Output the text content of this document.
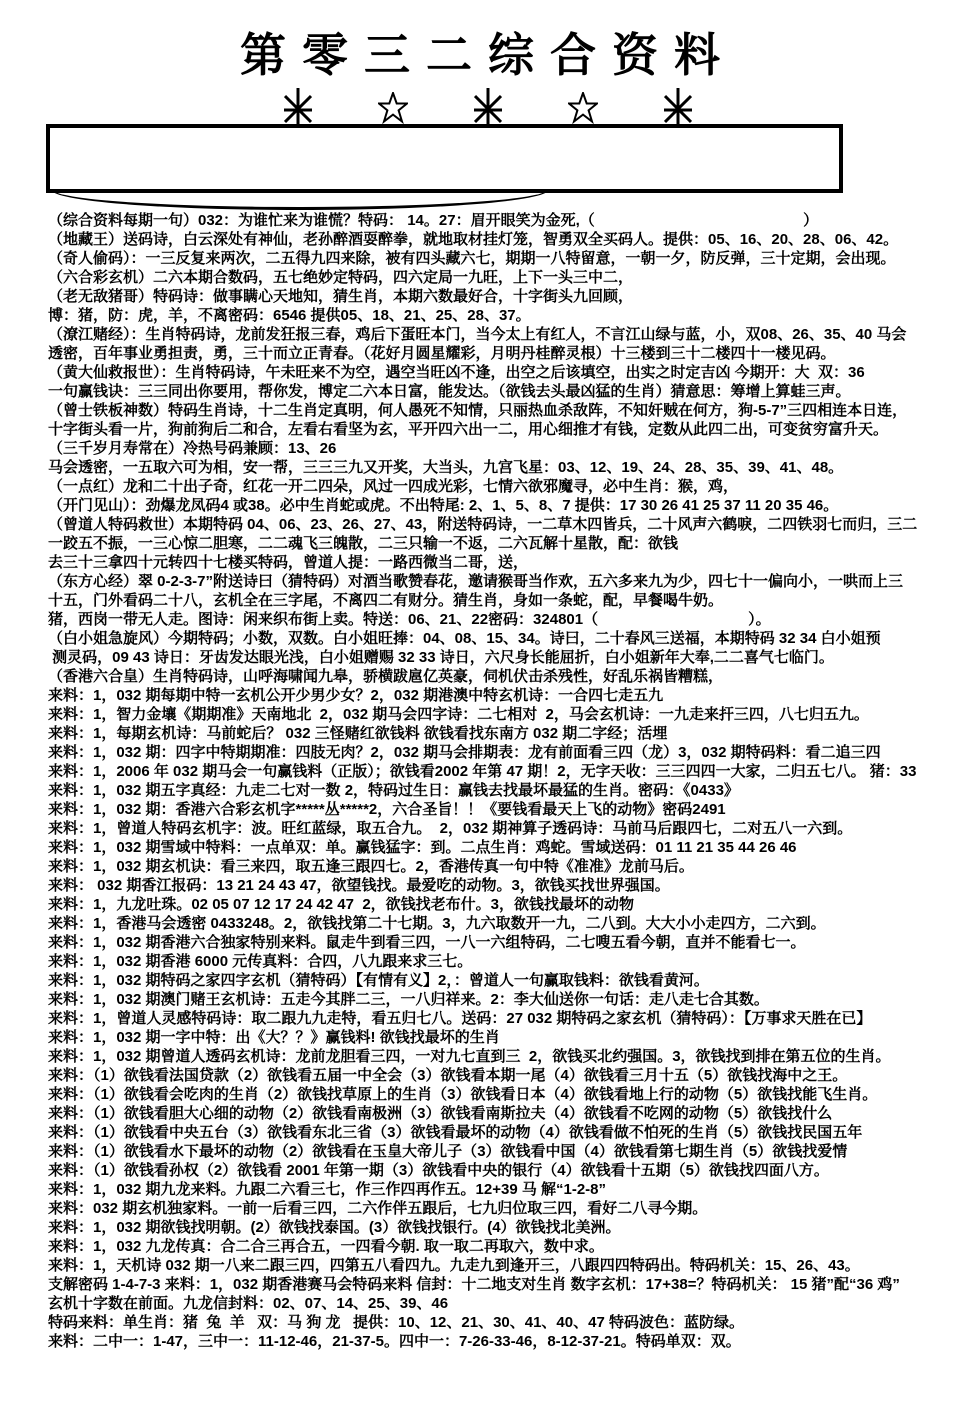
第零三二综合资料
（综合资料每期一句）032：为谁忙来为谁慌？特码： 14。27：眉开眼笑为金死,（                                                  ）
（地藏王）送码诗，白云深处有神仙，老孙醉酒耍醉拳，就地取材挂灯笼，智勇双全买码人。提供：05、16、20、28、06、42。
（奇人偷码）：一三反复来两次，二五得九四来除，被有四头藏六七，期期一八特留意，一朝一夕，防反弹，三十定期，会出现。
（六合彩玄机）二六本期合数码，五七绝妙定特码，四六定局一九旺，上下一头三中二，
（老无敌猪哥）特码诗：做事瞒心天地知，猜生肖，本期六数最好合，十字街头九回顾，
博：猪，防：虎，羊，不离密码：6546 提供05、18、21、25、28、37。
（潦江赌经）：生肖特码诗，龙前发狂报三春，鸡后下蛋旺本门，当今太上有红人，不言江山绿与蓝，小，双08、26、35、40 马会
透密，百年事业勇担责，勇，三十而立正青春。（花好月圆星耀彩，月明丹桂醉灵根）十三楼到三十二楼四十一楼见码。
（黄大仙救报世）：生肖特码诗，午未旺来不为空，遇空当旺凶不逢，出空之后该填空，出实之时定吉凶 今期开：大  双：36
一句赢钱诀：三三同出你要用，帮你发，博定二六本日富，能发达。（欲钱去头最凶猛的生肖）猜意思：筹增上算蛙三声。
（曾士铁板神数）特码生肖诗，十二生肖定真明，何人愚死不知情，只丽热血杀敌阵，不知奸贼在何方，狗-5-7”三四相连本日连，
十字街头看一片，狗前狗后二和合，左看右看坚为玄，平开四六出一二，用心细推才有钱，定数从此四二出，可变贫穷富升天。
（三千岁月寿常在）冷热号码兼顾：13、26
马会透密，一五取六可为相，安一帮，三三三九又开奖，大当头，九宫飞星：03、12、19、24、28、35、39、41、48。
（一点红）龙和二十出子奇，红花一开二四朵，风过一四成光彩，七情六欲邪魔寻，必中生肖：猴，鸡，
（开门见山）：劲爆龙凤码4 或38。必中生肖蛇或虎。不出特尾: 2、1、5、8、7 提供：17 30 26 41 25 37 11 20 35 46。
（曾道人特码救世）本期特码 04、06、23、26、27、43，附送特码诗，一二草木四皆兵，二十风声六鹤唳，二四铁羽七而归，三二
一跤五不振，一三心惊二胆寒，二二魂飞三魄散，二三只输一不返，二六瓦解十星散，配：欲钱
去三十三拿四十元转四十七楼买特码，曾道人提：一路西微当二哥，送，
（东方心经）翠 0-2-3-7”附送诗曰（猜特码）对酒当歌赞春花，邀请猴哥当作欢，五六多来九为少，四七十一偏向小，一哄而上三
十五，门外看码二十八，玄机全在三字尾，不离四二有财分。猜生肖，身如一条蛇，配，早餐喝牛奶。
猪，西岗一带无人走。图诗：闲来织布街上卖。特送：06、21、22密码：324801（                                    ）。
（白小姐急旋风）今期特码；小数，双数。白小姐旺捧：04、08、15、34。诗曰，二十春风三送福，本期特码 32 34 白小姐预
测灵码，09 43 诗日：牙齿发达眼光浅，白小姐赠赐 32 33 诗日，六尺身长能屈折，白小姐新年大奉,二二喜气七临门。
（香港六合皇）生肖特码诗，山呼海啸闻九皋，骄横跋扈亿英豪，伺机伏击杀残性，好乱乐祸皆糟糕，
来料：1，032 期每期中特一玄机公开少男少女？2，032 期港澳中特玄机诗：一合四七走五九
来料：1，智力金壤《期期准》天南地北  2，032 期马会四字诗：二七相对  2，马会玄机诗：一九走来扞三四，八七归五九。
来料：1，每期玄机诗：马前蛇后？ 032 三怪赌红欲钱料 欲钱看找东南方 032 期二字经；活埋
来料：1，032 期：四字中特期期准：四肢无肉？2，032 期马会排期表：龙有前面看三四（龙）3，032 期特码料：看二追三四
来料：1，2006 年 032 期马会一句赢钱料（正版）；欲钱看2002 年第 47 期！2，无字天收：三三四四一大家，二归五七八。 猪：33
来料：1，032 期五字真经：九走二七对一数 2，特码过生日：赢钱去找最坏最猛的生肖。密码：《0433》
来料：1，032 期：香港六合彩玄机字*****丛*****2，六合圣旨！！《要钱看最天上飞的动物》密码2491
来料：1，曾道人特码玄机字：波。旺红蓝绿，取五合九。  2，032 期神算子透码诗：马前马后跟四七，二对五八一六到。
来料：1，032 期雪域中特料：一点单双：单。赢钱猛字：到。二点生肖：鸡蛇。雪域送码：01 11 21 35 44 26 46
来料：1，032 期玄机诀：看三来四，取五逢三跟四七。2，香港传真一句中特《准准》龙前马后。
来料： 032 期香江报码：13 21 24 43 47，欲望钱找。最爱吃的动物。3，欲钱买找世界强国。
来料：1，九龙吐珠。02 05 07 12 17 24 42 47  2，欲钱找老布什。3，欲钱找最坏的动物
来料：1，香港马会透密 0433248。2，欲钱找第二十七期。3，九六取数开一九，二八到。大大小小走四方，二六到。
来料：1，032 期香港六合独家特别来料。鼠走牛到看三四，一八一六组特码，二七嗖五看今朝，直并不能看七一。
来料：1，032 期香港 6000 元传真料：合四，八九跟来求三七。
来料：1，032 期特码之家四字玄机（猜特码）【有情有义】2，：曾道人一句赢取钱料：欲钱看黄河。
来料：1，032 期澳门赌王玄机诗：五走今其胖二三，一八归祥来。2：李大仙送你一句话：走八走七合其数。
来料：1，曾道人灵感特码诗：取二跟九九走特，看五归七八。送码：27 032 期特码之家玄机（猜特码）：【万事求天胜在已】
来料：1，032 期一字中特：出《大？？》赢钱料! 欲钱找最坏的生肖
来料：1，032 期曾道人透码玄机诗：龙前龙胆看三四，一对九七直到三  2，欲钱买北约强国。3，欲钱找到排在第五位的生肖。
来料：（1）欲钱看法国贷款（2）欲钱看五届一中全会（3）欲钱看本期一尾（4）欲钱看三月十五（5）欲钱找海中之王。
来料：（1）欲钱看会吃肉的生肖（2）欲钱找草原上的生肖（3）欲钱看日本（4）欲钱看地上行的动物（5）欲钱找能飞生肖。
来料：（1）欲钱看胆大心细的动物（2）欲钱看南极洲（3）欲钱看南斯拉夫（4）欲钱看不吃网的动物（5）欲钱找什么
来料：（1）欲钱看中央五台（3）欲钱看东北三省（3）欲钱看最坏的动物（4）欲钱看做不怕死的生肖（5）欲钱找民国五年
来料：（1）欲钱看水下最坏的动物（2）欲钱看在玉皇大帝儿子（3）欲钱看中国（4）欲钱看第七期生肖（5）欲钱找爱情
来料：（1）欲钱看孙权（2）欲钱看 2001 年第一期（3）欲钱看中央的银行（4）欲钱看十五期（5）欲钱找四面八方。
来料：1，032 期九龙来料。九跟二六看三七，作三作四再作五。12+39 马 解“1-2-8”
来料：032 期玄机独家料。一前一后看三四，二六作伴五跟后，七九归位取三四，看好二八寻今期。
来料：1，032 期欲钱找明朝。(2）欲钱找泰国。(3）欲钱找银行。(4）欲钱找北美洲。
来料：1，032 九龙传真：合二合三再合五，一四看今朝. 取一取二再取六，数中求。
来料：1，天机诗 032 期一八来二跟三四，四第五八看四九。九走九到逢开三，八跟四四特码出。特码机关：15、26、43。
支解密码 1-4-7-3 来料：1，032 期香港赛马会特码来料 信封：十二地支对生肖 数字玄机：17+38=？特码机关： 15 猪”配“36 鸡”
玄机十字数在前面。九龙信封料：02、07、14、25、39、46
特码来料：单生肖：猪  兔  羊   双：马 狗 龙   提供：10、12、21、30、41、40、47 特码波色：蓝防绿。
来料：二中一：1-47，三中一：11-12-46，21-37-5。四中一：7-26-33-46，8-12-37-21。特码单双：双。
